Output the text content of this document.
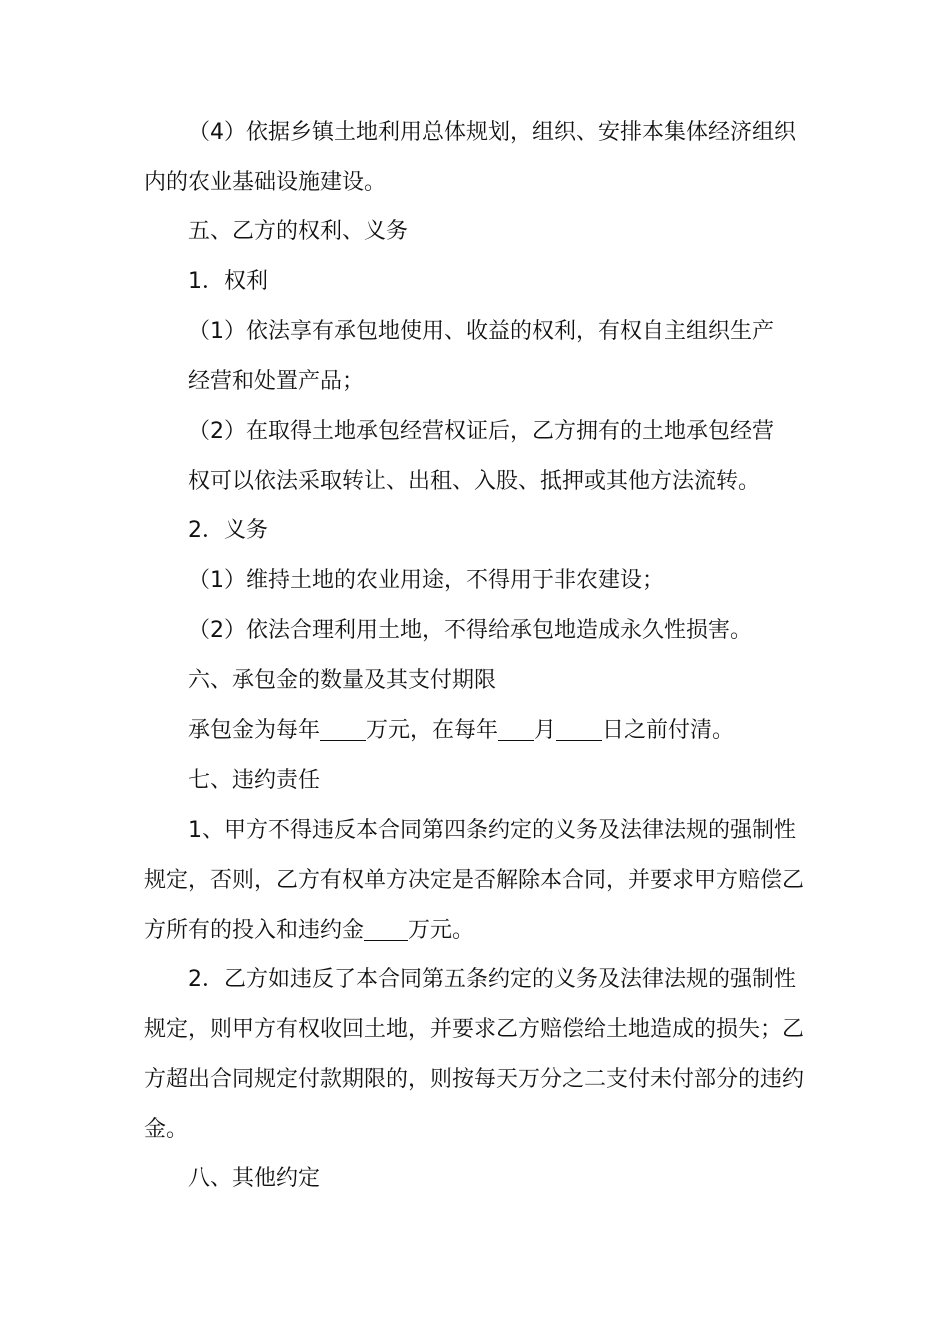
（4）依据乡镇土地利用总体规划，组织、安排本集体经济组织
内的农业基础设施建设。
五、乙方的权利、义务
1．权利
（1）依法享有承包地使用、收益的权利，有权自主组织生产
经营和处置产品；
（2）在取得土地承包经营权证后，乙方拥有的土地承包经营
权可以依法采取转让、出租、入股、抵押或其他方法流转。
2．义务
（1）维持土地的农业用途，不得用于非农建设；
（2）依法合理利用土地，不得给承包地造成永久性损害。
六、承包金的数量及其支付期限
承包金为每年 万元，在每年 月 日之前付清。
七、违约责任
1、甲方不得违反本合同第四条约定的义务及法律法规的强制性
规定，否则，乙方有权单方决定是否解除本合同，并要求甲方赔偿乙
方所有的投入和违约金 万元。
2．乙方如违反了本合同第五条约定的义务及法律法规的强制性
规定，则甲方有权收回土地，并要求乙方赔偿给土地造成的损失；乙
方超出合同规定付款期限的，则按每天万分之二支付未付部分的违约
金。
八、其他约定
